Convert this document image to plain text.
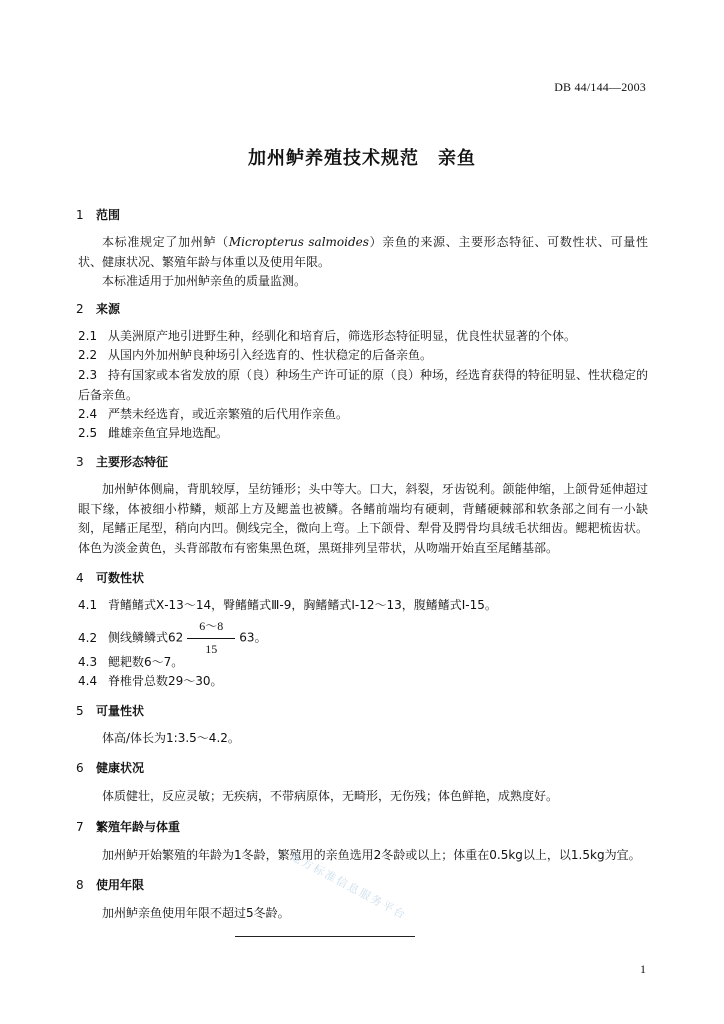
DB 44/144—2003
加州鲈养殖技术规范　亲鱼
1 范围
本标准规定了加州鲈（Micropterus salmoides）亲鱼的来源、主要形态特征、可数性状、可量性状、健康状况、繁殖年龄与体重以及使用年限。
本标准适用于加州鲈亲鱼的质量监测。
2 来源
2.1 从美洲原产地引进野生种，经驯化和培育后，筛选形态特征明显，优良性状显著的个体。
2.2 从国内外加州鲈良种场引入经选育的、性状稳定的后备亲鱼。
2.3 持有国家或本省发放的原（良）种场生产许可证的原（良）种场，经选育获得的特征明显、性状稳定的后备亲鱼。
2.4 严禁未经选育，或近亲繁殖的后代用作亲鱼。
2.5 雌雄亲鱼宜异地选配。
3 主要形态特征
加州鲈体侧扁，背肌较厚，呈纺锤形；头中等大。口大，斜裂，牙齿锐利。颌能伸缩，上颌骨延伸超过眼下缘，体被细小栉鳞，颊部上方及鳃盖也被鳞。各鳍前端均有硬刺，背鳍硬棘部和软条部之间有一小缺刻，尾鳍正尾型，稍向内凹。侧线完全，微向上弯。上下颌骨、犁骨及腭骨均具绒毛状细齿。鳃耙梳齿状。体色为淡金黄色，头背部散布有密集黑色斑，黑斑排列呈带状，从吻端开始直至尾鳍基部。
4 可数性状
4.1 背鳍鳍式Ⅹ-13～14，臀鳍鳍式Ⅲ-9，胸鳍鳍式Ⅰ-12～13，腹鳍鳍式Ⅰ-15。
4.2 侧线鳞鳞式$62 \frac{6\sim 8}{15} 63$。
4.3 鳃耙数6～7。
4.4 脊椎骨总数29～30。
5 可量性状
体高/体长为1:3.5～4.2。
6 健康状况
体质健壮，反应灵敏；无疾病，不带病原体，无畸形，无伤残；体色鲜艳，成熟度好。
7 繁殖年龄与体重
加州鲈开始繁殖的年龄为1冬龄，繁殖用的亲鱼选用2冬龄或以上；体重在0.5kg以上，以1.5kg为宜。
8 使用年限
加州鲈亲鱼使用年限不超过5冬龄。
地方标准信息服务平台
1
